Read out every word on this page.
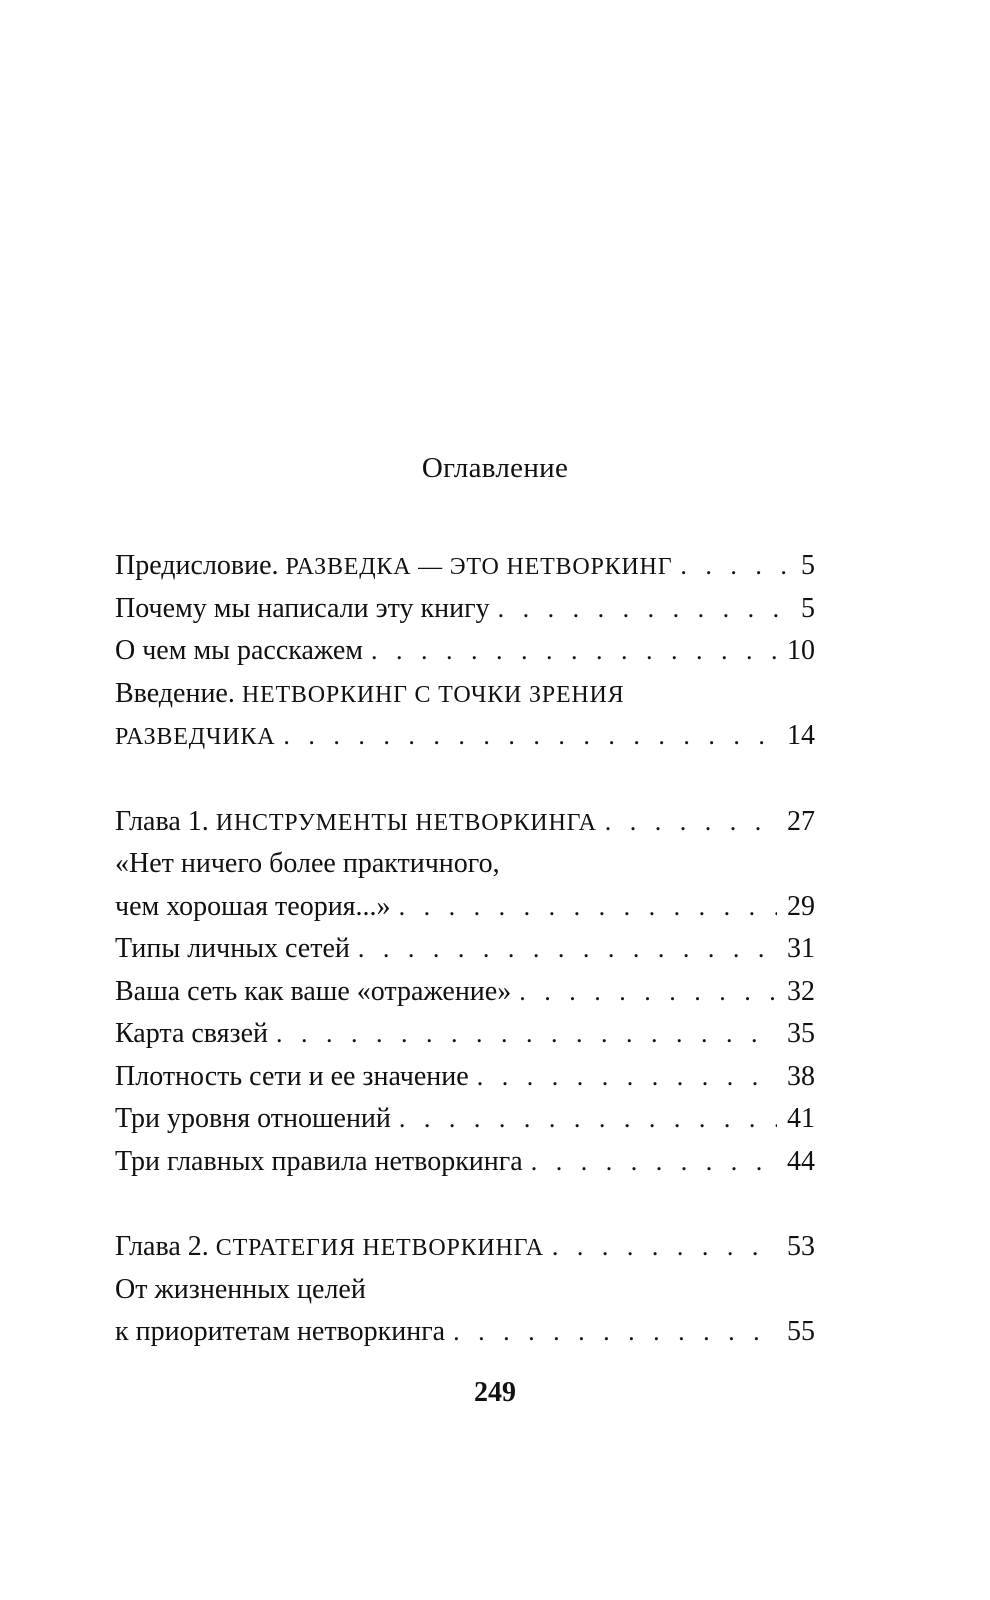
Оглавление
Предисловие. РАЗВЕДКА — ЭТО НЕТВОРКИНГ . . .	5
Почему мы написали эту книгу . . .	5
О чем мы расскажем . . .	10
Введение. НЕТВОРКИНГ С ТОЧКИ ЗРЕНИЯ
РАЗВЕДЧИКА . . .	14
Глава 1. ИНСТРУМЕНТЫ НЕТВОРКИНГА . . .	27
«Нет ничего более практичного,
чем хорошая теория...» . . .	29
Типы личных сетей . . .	31
Ваша сеть как ваше «отражение» . . .	32
Карта связей . . .	35
Плотность сети и ее значение . . .	38
Три уровня отношений . . .	41
Три главных правила нетворкинга . . .	44
Глава 2. СТРАТЕГИЯ НЕТВОРКИНГА . . .	53
От жизненных целей
к приоритетам нетворкинга . . .	55
249
